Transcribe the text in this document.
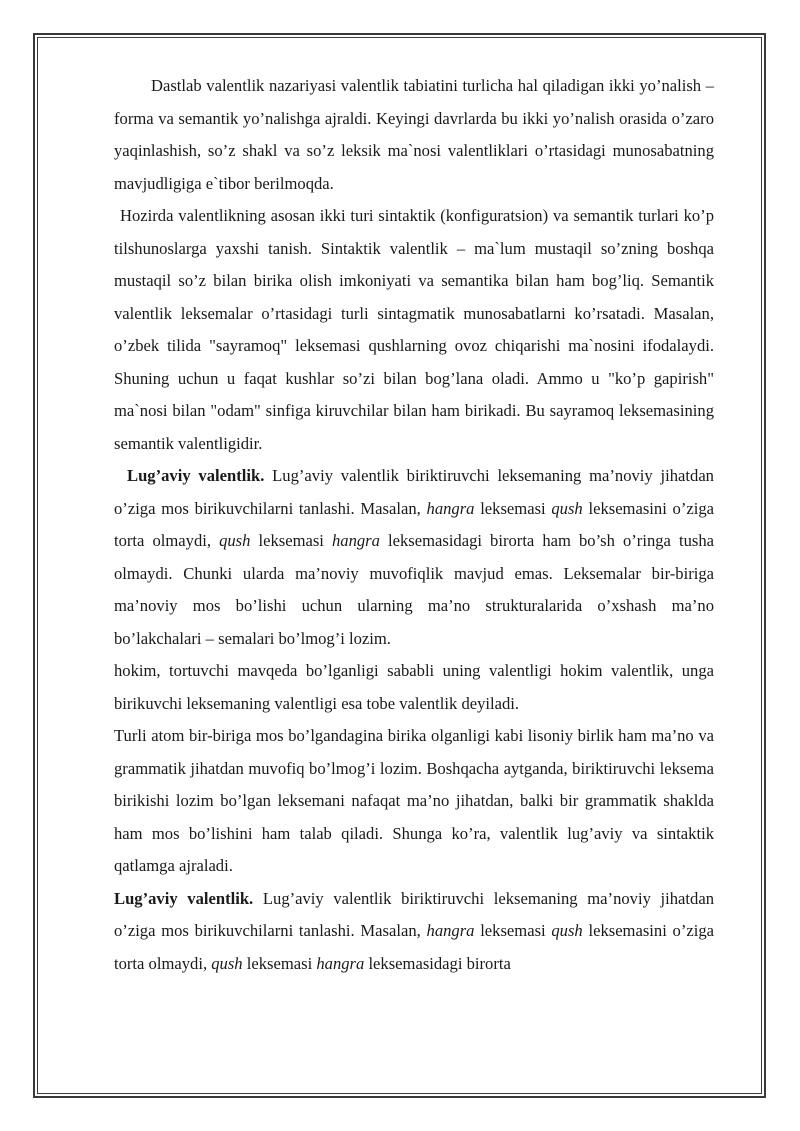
Dastlab valentlik nazariyasi valentlik tabiatini turlicha hal qiladigan ikki yo’nalish – forma va semantik yo’nalishga ajraldi. Keyingi davrlarda bu ikki yo’nalish orasida o’zaro yaqinlashish, so’z shakl va so’z leksik ma`nosi valentliklari o’rtasidagi munosabatning mavjudligiga e`tibor berilmoqda.

Hozirda valentlikning asosan ikki turi sintaktik (konfiguratsion) va semantik turlari ko’p tilshunoslarga yaxshi tanish. Sintaktik valentlik – ma`lum mustaqil so’zning boshqa mustaqil so’z bilan birika olish imkoniyati va semantika bilan ham bog’liq. Semantik valentlik leksemalar o’rtasidagi turli sintagmatik munosabatlarni ko’rsatadi. Masalan, o’zbek tilida "sayramoq" leksemasi qushlarning ovoz chiqarishi ma`nosini ifodalaydi. Shuning uchun u faqat kushlar so’zi bilan bog’lana oladi. Ammo u "ko’p gapirish" ma`nosi bilan "odam" sinfiga kiruvchilar bilan ham birikadi. Bu sayramoq leksemasining semantik valentligidir.

Lug’aviy valentlik. Lug’aviy valentlik biriktiruvchi leksemaning ma’noviy jihatdan o’ziga mos birikuvchilarni tanlashi. Masalan, hangra leksemasi qush leksemasini o’ziga torta olmaydi, qush leksemasi hangra leksemasidagi birorta ham bo’sh o’ringa tusha olmaydi. Chunki ularda ma’noviy muvofiqlik mavjud emas. Leksemalar bir-biriga ma’noviy mos bo’lishi uchun ularning ma’no strukturalarida o’xshash ma’no bo’lakchalari – semalari bo’lmog’i lozim.

hokim, tortuvchi mavqeda bo’lganligi sababli uning valentligi hokim valentlik, unga birikuvchi leksemaning valentligi esa tobe valentlik deyiladi.

Turli atom bir-biriga mos bo’lgandagina birika olganligi kabi lisoniy birlik ham ma’no va grammatik jihatdan muvofiq bo’lmog’i lozim. Boshqacha aytganda, biriktiruvchi leksema birikishi lozim bo’lgan leksemani nafaqat ma’no jihatdan, balki bir grammatik shaklda ham mos bo’lishini ham talab qiladi. Shunga ko’ra, valentlik lug’aviy va sintaktik qatlamga ajraladi.

Lug’aviy valentlik. Lug’aviy valentlik biriktiruvchi leksemaning ma’noviy jihatdan o’ziga mos birikuvchilarni tanlashi. Masalan, hangra leksemasi qush leksemasini o’ziga torta olmaydi, qush leksemasi hangra leksemasidagi birorta
